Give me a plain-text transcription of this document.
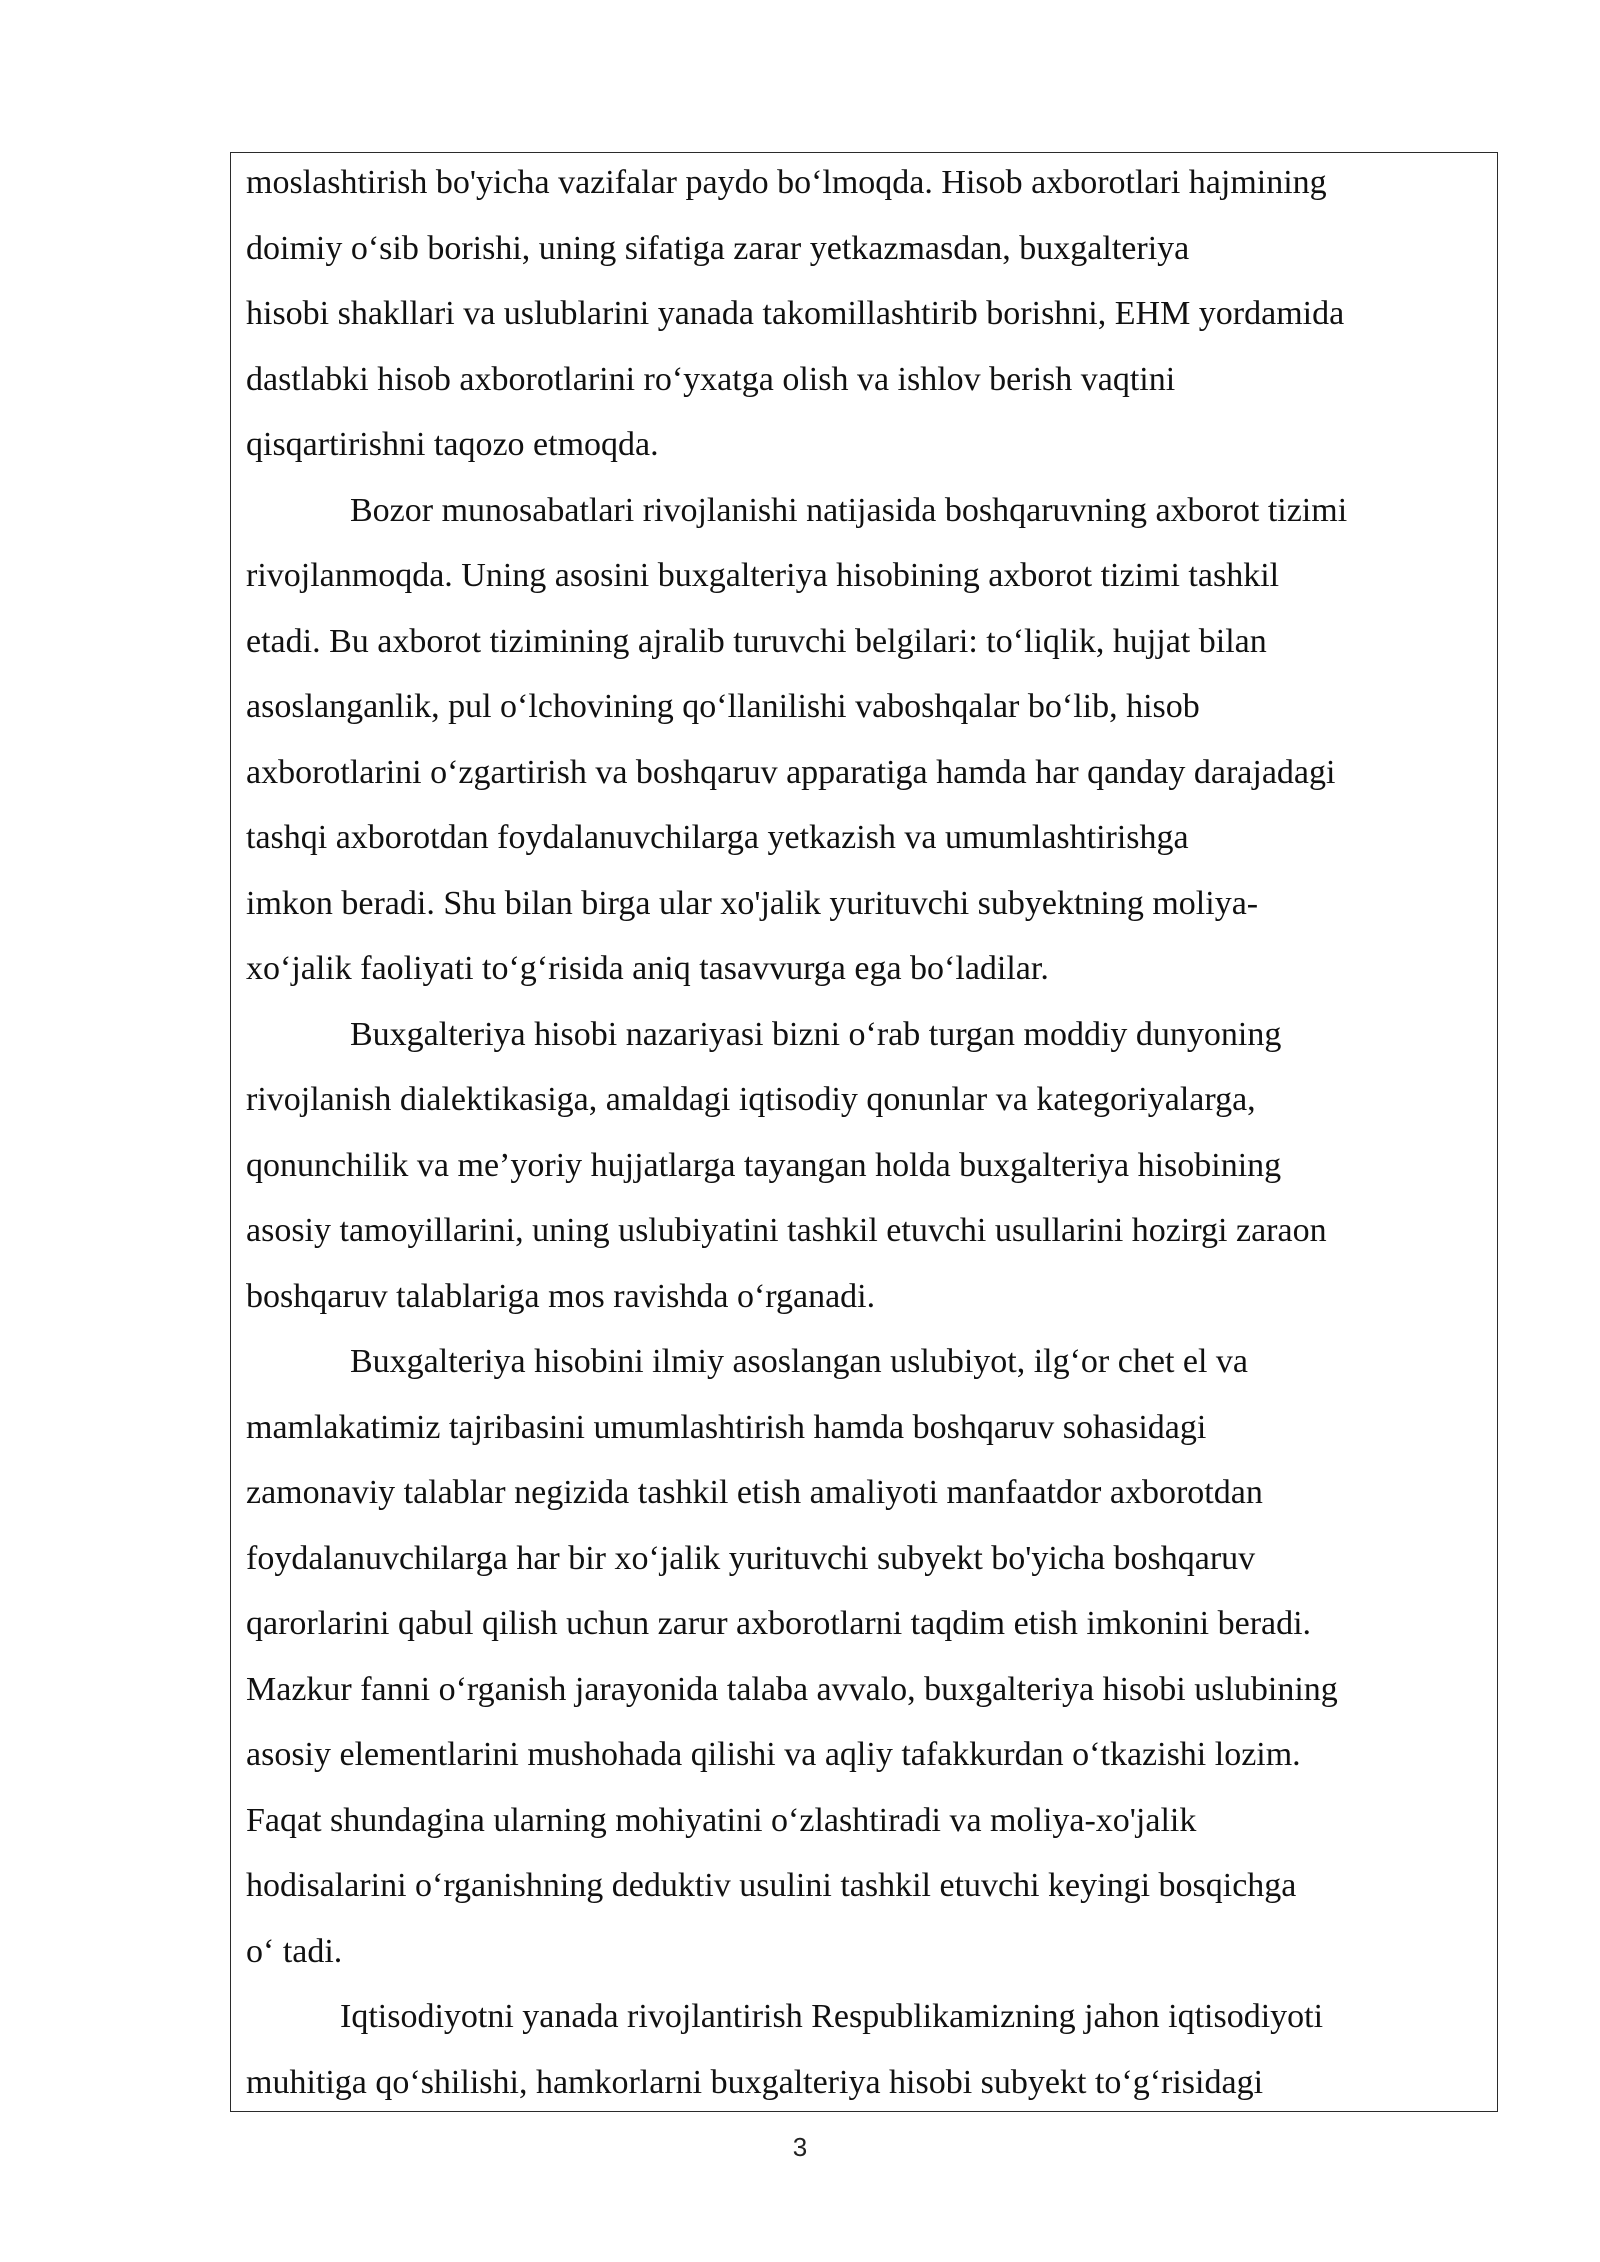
moslashtirish bo'yicha vazifalar paydo bo‘lmoqda. Hisob axborotlari hajmining
doimiy o‘sib borishi, uning sifatiga zarar yetkazmasdan, buxgalteriya
hisobi shakllari va uslublarini yanada takomillashtirib borishni, EHM yordamida
dastlabki hisob axborotlarini ro‘yxatga olish va ishlov berish vaqtini
qisqartirishni taqozo etmoqda.
Bozor munosabatlari rivojlanishi natijasida boshqaruvning axborot tizimi
rivojlanmoqda. Uning asosini buxgalteriya hisobining axborot tizimi tashkil
etadi. Bu axborot tizimining ajralib turuvchi belgilari: to‘liqlik, hujjat bilan
asoslanganlik, pul o‘lchovining qo‘llanilishi vaboshqalar bo‘lib, hisob
axborotlarini o‘zgartirish va boshqaruv apparatiga hamda har qanday darajadagi
tashqi axborotdan foydalanuvchilarga yetkazish va umumlashtirishga
imkon beradi. Shu bilan birga ular xo'jalik yurituvchi subyektning moliya-
xo‘jalik faoliyati to‘g‘risida aniq tasavvurga ega bo‘ladilar.
Buxgalteriya hisobi nazariyasi bizni o‘rab turgan moddiy dunyoning
rivojlanish dialektikasiga, amaldagi iqtisodiy qonunlar va kategoriyalarga,
qonunchilik va me’yoriy hujjatlarga tayangan holda buxgalteriya hisobining
asosiy tamoyillarini, uning uslubiyatini tashkil etuvchi usullarini hozirgi zaraon
boshqaruv talablariga mos ravishda o‘rganadi.
Buxgalteriya hisobini ilmiy asoslangan uslubiyot, ilg‘or chet el va
mamlakatimiz tajribasini umumlashtirish hamda boshqaruv sohasidagi
zamonaviy talablar negizida tashkil etish amaliyoti manfaatdor axborotdan
foydalanuvchilarga har bir xo‘jalik yurituvchi subyekt bo'yicha boshqaruv
qarorlarini qabul qilish uchun zarur axborotlarni taqdim etish imkonini beradi.
Mazkur fanni o‘rganish jarayonida talaba avvalo, buxgalteriya hisobi uslubining
asosiy elementlarini mushohada qilishi va aqliy tafakkurdan o‘tkazishi lozim.
Faqat shundagina ularning mohiyatini o‘zlashtiradi va moliya-xo'jalik
hodisalarini o‘rganishning deduktiv usulini tashkil etuvchi keyingi bosqichga
o‘ tadi.
Iqtisodiyotni yanada rivojlantirish Respublikamizning jahon iqtisodiyoti
muhitiga qo‘shilishi, hamkorlarni buxgalteriya hisobi subyekt to‘g‘risidagi
3
